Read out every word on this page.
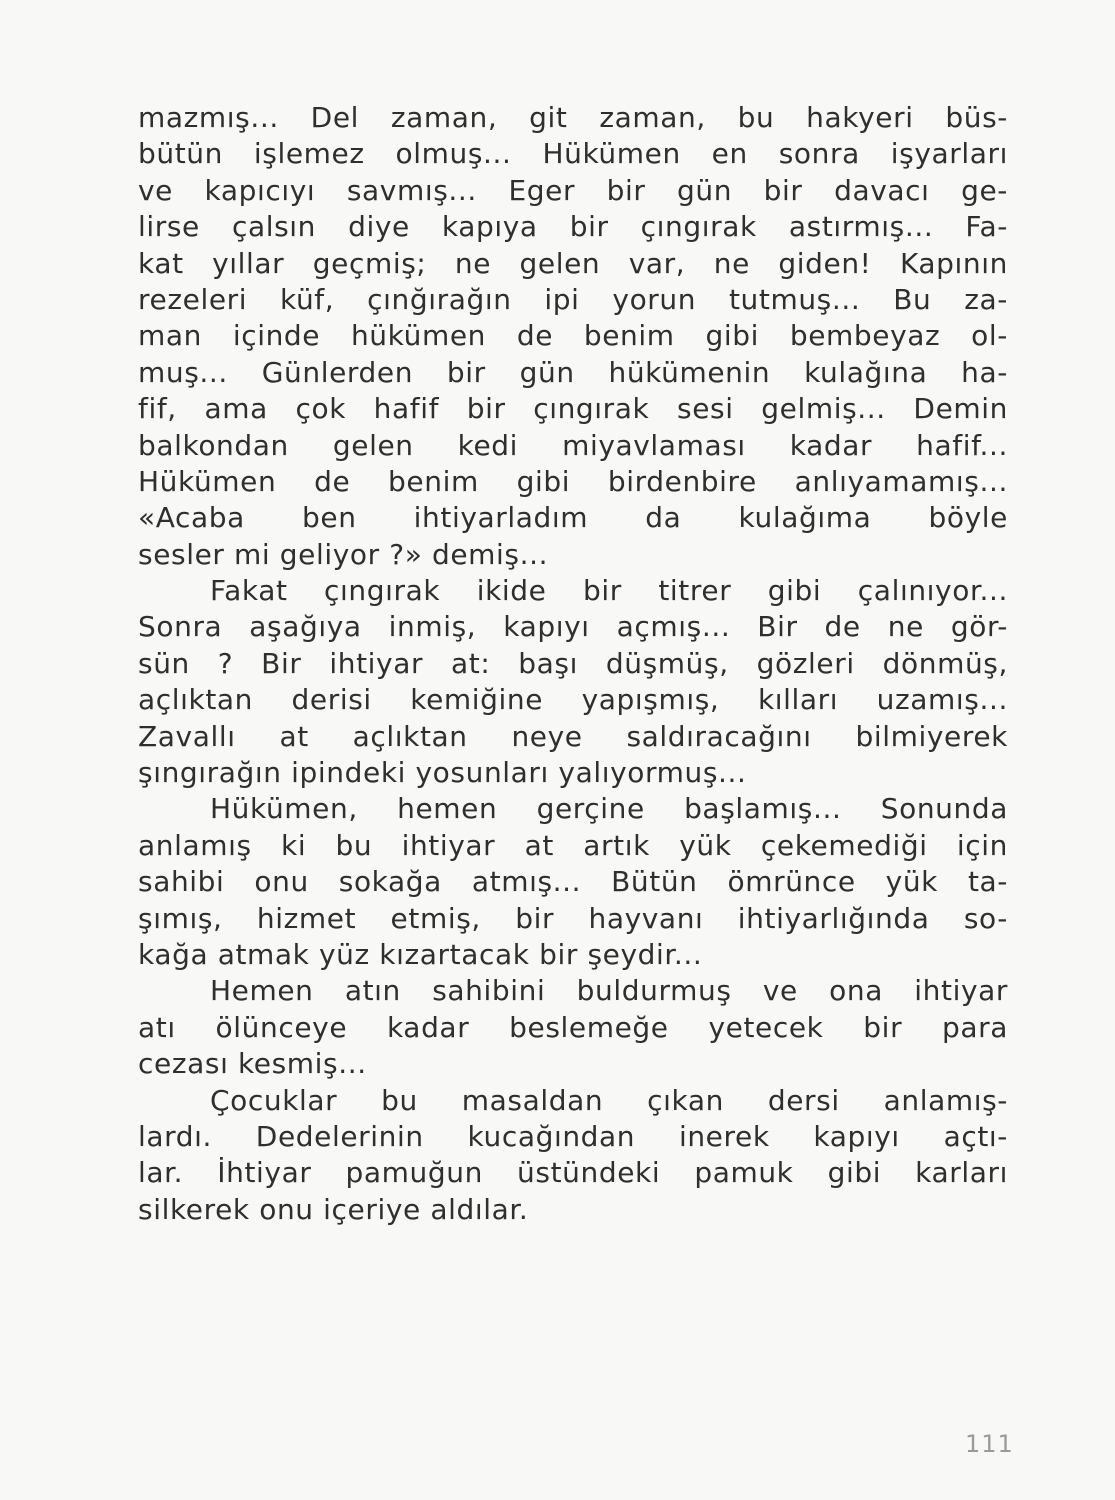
mazmış... Del zaman, git zaman, bu hakyeri büs-
bütün işlemez olmuş... Hükümen en sonra işyarları
ve kapıcıyı savmış... Eger bir gün bir davacı ge-
lirse çalsın diye kapıya bir çıngırak astırmış... Fa-
kat yıllar geçmiş; ne gelen var, ne giden! Kapının
rezeleri küf, çınğırağın ipi yorun tutmuş... Bu za-
man içinde hükümen de benim gibi bembeyaz ol-
muş... Günlerden bir gün hükümenin kulağına ha-
fif, ama çok hafif bir çıngırak sesi gelmiş... Demin
balkondan gelen kedi miyavlaması kadar hafif...
Hükümen de benim gibi birdenbire anlıyamamış...
«Acaba ben ihtiyarladım da kulağıma böyle
sesler mi geliyor ?» demiş...
Fakat çıngırak ikide bir titrer gibi çalınıyor...
Sonra aşağıya inmiş, kapıyı açmış... Bir de ne gör-
sün ? Bir ihtiyar at: başı düşmüş, gözleri dönmüş,
açlıktan derisi kemiğine yapışmış, kılları uzamış...
Zavallı at açlıktan neye saldıracağını bilmiyerek
şıngırağın ipindeki yosunları yalıyormuş...
Hükümen, hemen gerçine başlamış... Sonunda
anlamış ki bu ihtiyar at artık yük çekemediği için
sahibi onu sokağa atmış... Bütün ömrünce yük ta-
şımış, hizmet etmiş, bir hayvanı ihtiyarlığında so-
kağa atmak yüz kızartacak bir şeydir...
Hemen atın sahibini buldurmuş ve ona ihtiyar
atı ölünceye kadar beslemeğe yetecek bir para
cezası kesmiş...
Çocuklar bu masaldan çıkan dersi anlamış-
lardı. Dedelerinin kucağından inerek kapıyı açtı-
lar. İhtiyar pamuğun üstündeki pamuk gibi karları
silkerek onu içeriye aldılar.
111
